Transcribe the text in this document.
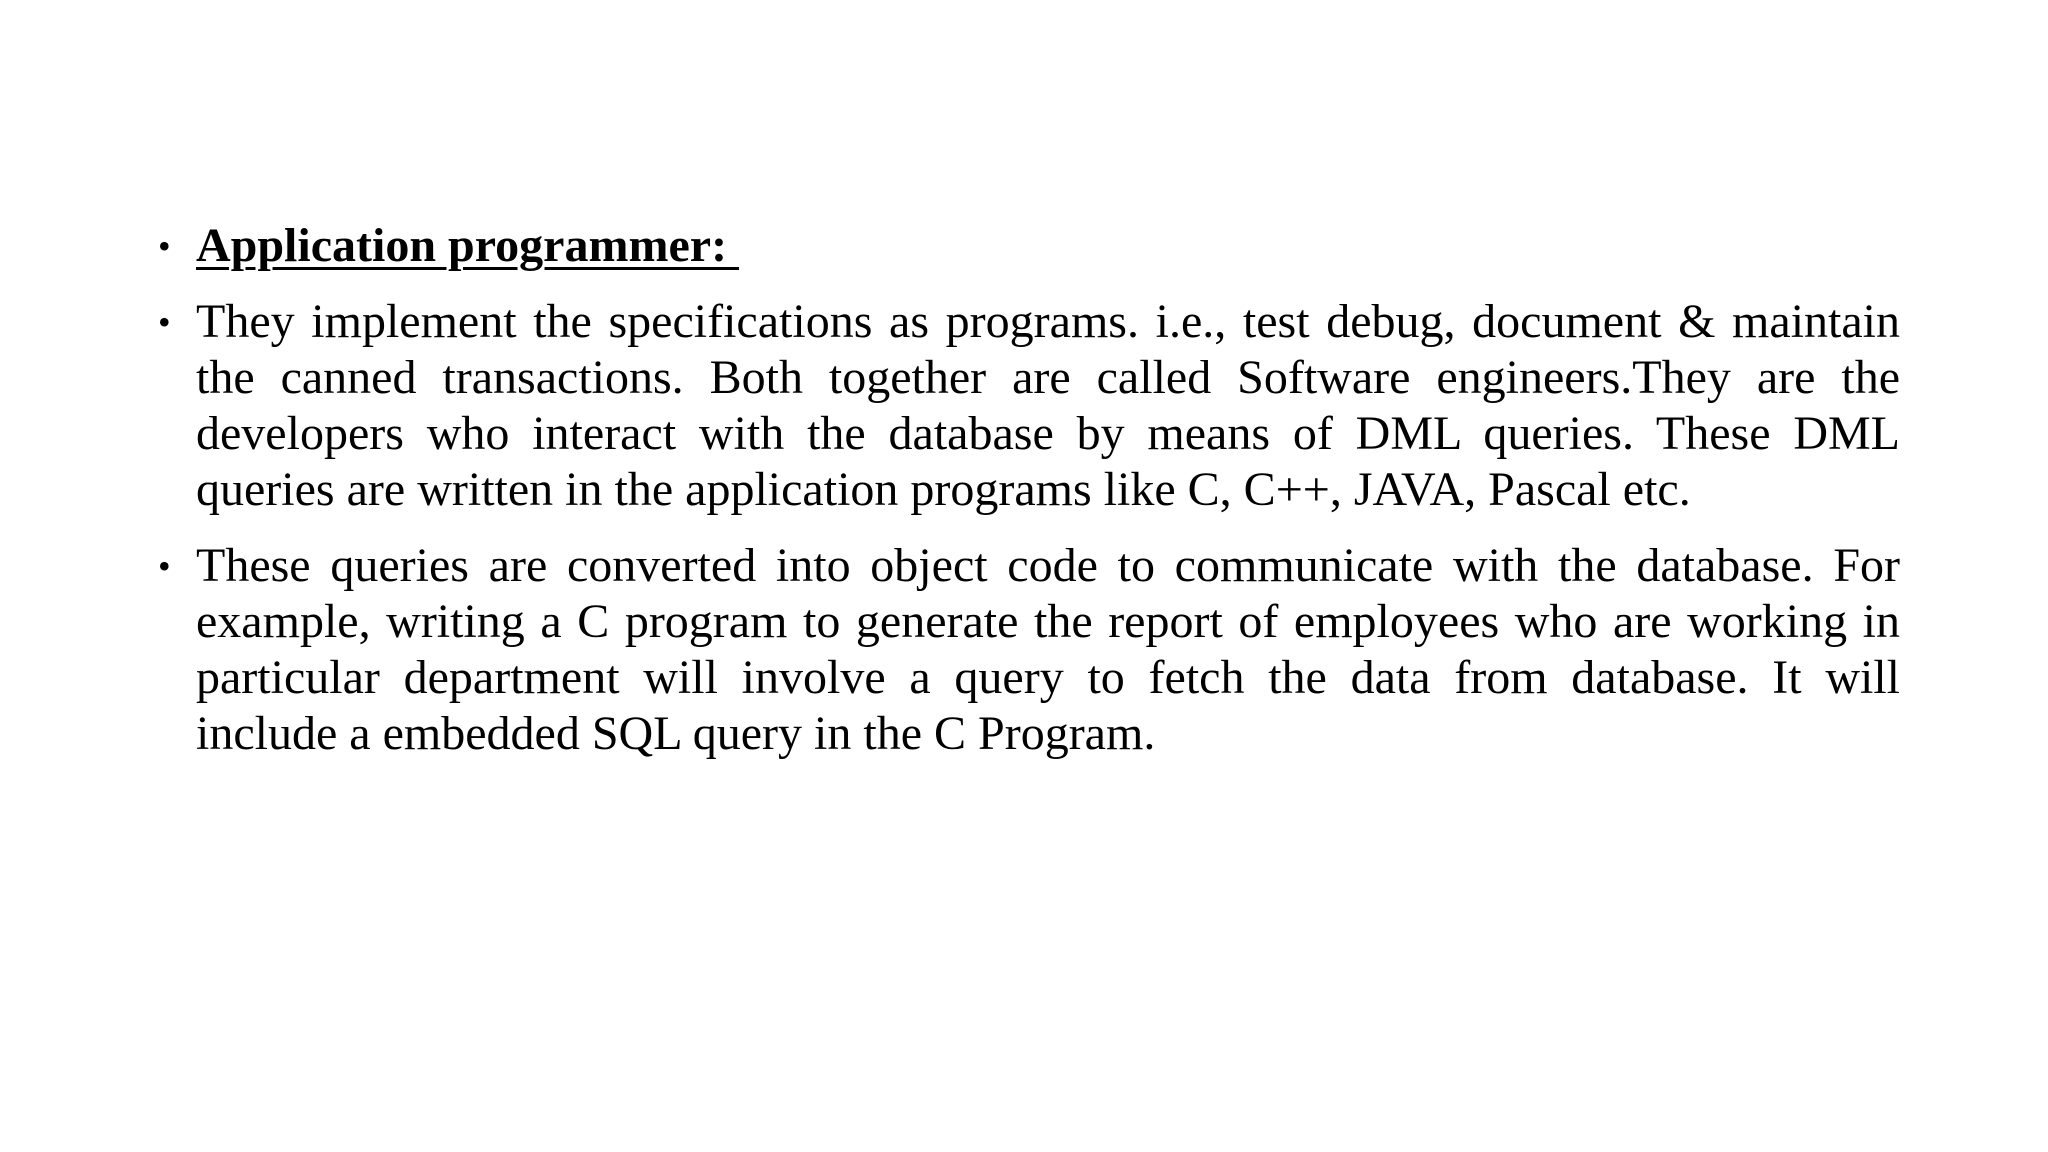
• Application programmer:
• They implement the specifications as programs. i.e., test debug, document & maintain the canned transactions. Both together are called Software engineers.They are the developers who interact with the database by means of DML queries. These DML queries are written in the application programs like C, C++, JAVA, Pascal etc.
• These queries are converted into object code to communicate with the database. For example, writing a C program to generate the report of employees who are working in particular department will involve a query to fetch the data from database. It will include a embedded SQL query in the C Program.
